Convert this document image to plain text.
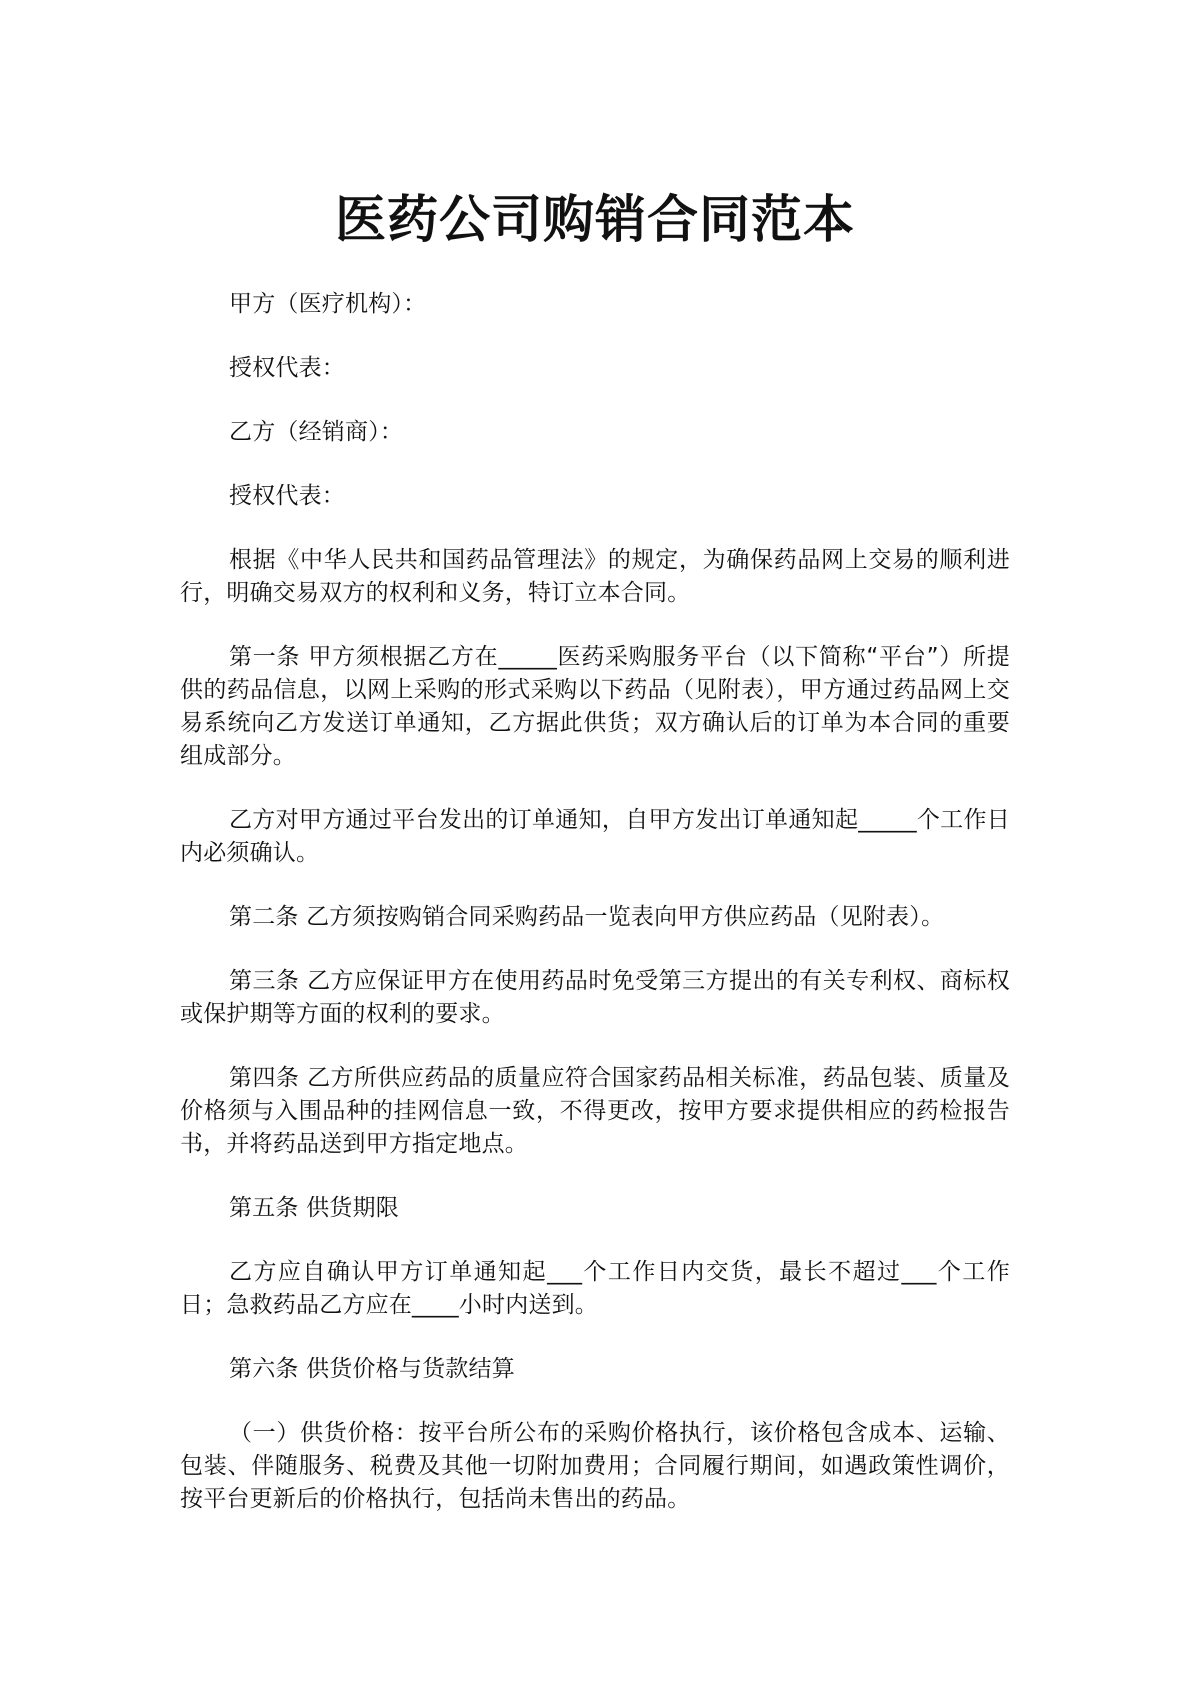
医药公司购销合同范本

甲方（医疗机构）：

授权代表：

乙方（经销商）：

授权代表：

根据《中华人民共和国药品管理法》的规定，为确保药品网上交易的顺利进行，明确交易双方的权利和义务，特订立本合同。

第一条 甲方须根据乙方在_____医药采购服务平台（以下简称“平台”）所提供的药品信息，以网上采购的形式采购以下药品（见附表），甲方通过药品网上交易系统向乙方发送订单通知，乙方据此供货；双方确认后的订单为本合同的重要组成部分。

乙方对甲方通过平台发出的订单通知，自甲方发出订单通知起_____个工作日内必须确认。

第二条 乙方须按购销合同采购药品一览表向甲方供应药品（见附表）。

第三条 乙方应保证甲方在使用药品时免受第三方提出的有关专利权、商标权或保护期等方面的权利的要求。

第四条 乙方所供应药品的质量应符合国家药品相关标准，药品包装、质量及价格须与入围品种的挂网信息一致，不得更改，按甲方要求提供相应的药检报告书，并将药品送到甲方指定地点。

第五条 供货期限

乙方应自确认甲方订单通知起___个工作日内交货，最长不超过___个工作日；急救药品乙方应在____小时内送到。

第六条 供货价格与货款结算

（一）供货价格：按平台所公布的采购价格执行，该价格包含成本、运输、包装、伴随服务、税费及其他一切附加费用；合同履行期间，如遇政策性调价，按平台更新后的价格执行，包括尚未售出的药品。
